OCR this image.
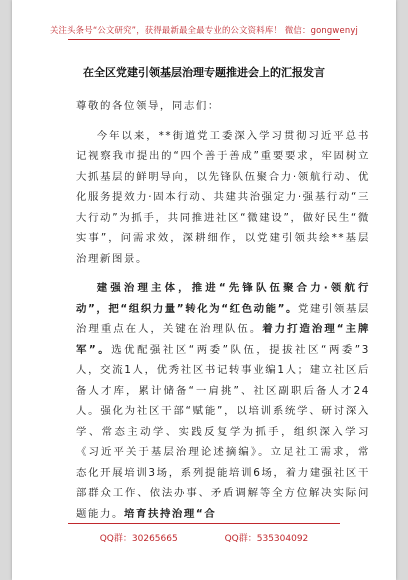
关注头条号“公文研究”，获得最新最全最专业的公文资料库！ 微信：gongwenyj
在全区党建引领基层治理专题推进会上的汇报发言

尊敬的各位领导，同志们：

今年以来，**街道党工委深入学习贯彻习近平总书记视察我市提出的“四个善于善成”重要要求，牢固树立大抓基层的鲜明导向，以先锋队伍聚合力·领航行动、优化服务提效力·固本行动、共建共治强定力·强基行动“三大行动”为抓手，共同推进社区“微建设”，做好民生“微实事”，问需求效，深耕细作，以党建引领共绘**基层治理新图景。

建强治理主体，推进“先锋队伍聚合力·领航行动”，把“组织力量”转化为“红色动能”。党建引领基层治理重点在人，关键在治理队伍。着力打造治理“主牌军”。选优配强社区“两委”队伍，提拔社区“两委”3人，交流1人，优秀社区书记转事业编1人；建立社区后备人才库，累计储备“一肩挑”、社区副职后备人才24人。强化为社区干部“赋能”，以培训系统学、研讨深入学、常态主动学、实践反复学为抓手，组织深入学习《习近平关于基层治理论述摘编》。立足社工需求，常态化开展培训3场，系列提能培训6场，着力建强社区干部群众工作、依法办事、矛盾调解等全方位解决实际问题能力。培育扶持治理“合

QQ群：30265665	QQ群：535304092
